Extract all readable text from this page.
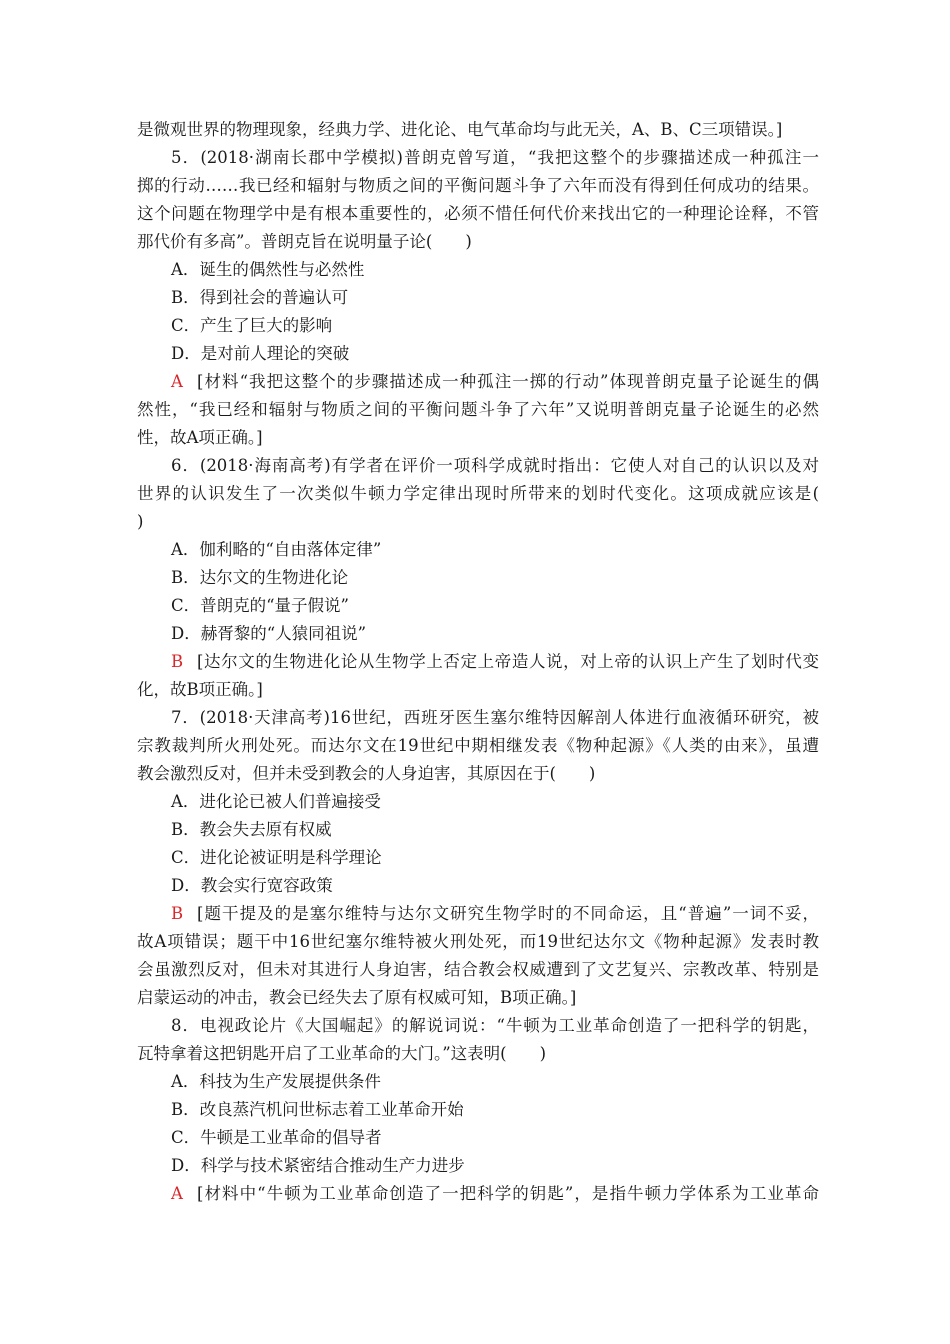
是微观世界的物理现象，经典力学、进化论、电气革命均与此无关，A、B、C三项错误。]
5．(2018·湖南长郡中学模拟)普朗克曾写道，“我把这整个的步骤描述成一种孤注一
掷的行动……我已经和辐射与物质之间的平衡问题斗争了六年而没有得到任何成功的结果。
这个问题在物理学中是有根本重要性的，必须不惜任何代价来找出它的一种理论诠释，不管
那代价有多高”。普朗克旨在说明量子论(　　)
A．诞生的偶然性与必然性
B．得到社会的普遍认可
C．产生了巨大的影响
D．是对前人理论的突破
A [材料“我把这整个的步骤描述成一种孤注一掷的行动”体现普朗克量子论诞生的偶
然性，“我已经和辐射与物质之间的平衡问题斗争了六年”又说明普朗克量子论诞生的必然
性，故A项正确。]
6．(2018·海南高考)有学者在评价一项科学成就时指出：它使人对自己的认识以及对
世界的认识发生了一次类似牛顿力学定律出现时所带来的划时代变化。这项成就应该是(
)
A．伽利略的“自由落体定律”
B．达尔文的生物进化论
C．普朗克的“量子假说”
D．赫胥黎的“人猿同祖说”
B [达尔文的生物进化论从生物学上否定上帝造人说，对上帝的认识上产生了划时代变
化，故B项正确。]
7．(2018·天津高考)16世纪，西班牙医生塞尔维特因解剖人体进行血液循环研究，被
宗教裁判所火刑处死。而达尔文在19世纪中期相继发表《物种起源》《人类的由来》，虽遭
教会激烈反对，但并未受到教会的人身迫害，其原因在于(　　)
A．进化论已被人们普遍接受
B．教会失去原有权威
C．进化论被证明是科学理论
D．教会实行宽容政策
B [题干提及的是塞尔维特与达尔文研究生物学时的不同命运，且“普遍”一词不妥，
故A项错误；题干中16世纪塞尔维特被火刑处死，而19世纪达尔文《物种起源》发表时教
会虽激烈反对，但未对其进行人身迫害，结合教会权威遭到了文艺复兴、宗教改革、特别是
启蒙运动的冲击，教会已经失去了原有权威可知，B项正确。]
8．电视政论片《大国崛起》的解说词说：“牛顿为工业革命创造了一把科学的钥匙，
瓦特拿着这把钥匙开启了工业革命的大门。”这表明(　　)
A．科技为生产发展提供条件
B．改良蒸汽机问世标志着工业革命开始
C．牛顿是工业革命的倡导者
D．科学与技术紧密结合推动生产力进步
A [材料中“牛顿为工业革命创造了一把科学的钥匙”，是指牛顿力学体系为工业革命
